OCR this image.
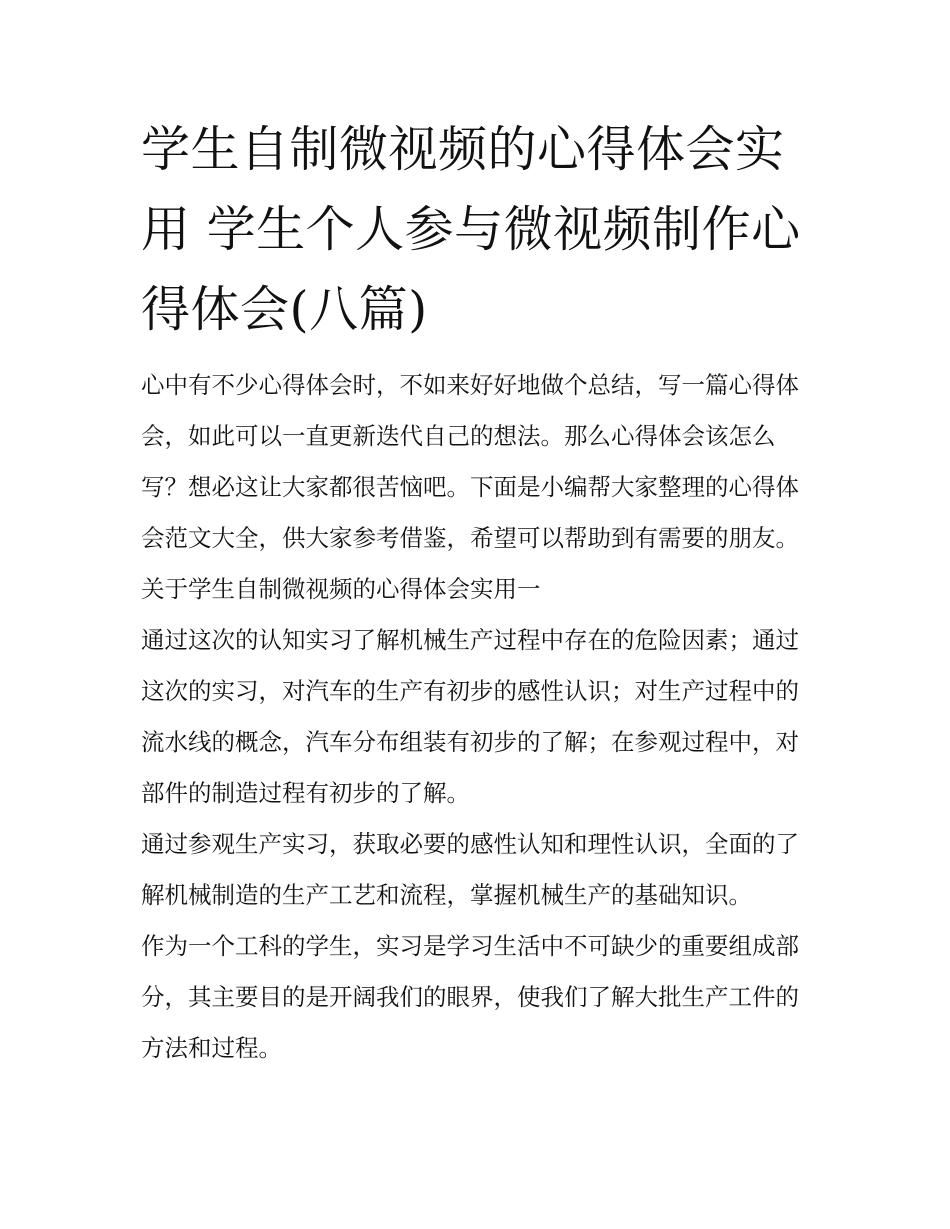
学生自制微视频的心得体会实用 学生个人参与微视频制作心得体会(八篇)

心中有不少心得体会时，不如来好好地做个总结，写一篇心得体会，如此可以一直更新迭代自己的想法。那么心得体会该怎么写？想必这让大家都很苦恼吧。下面是小编帮大家整理的心得体会范文大全，供大家参考借鉴，希望可以帮助到有需要的朋友。

关于学生自制微视频的心得体会实用一

通过这次的认知实习了解机械生产过程中存在的危险因素；通过这次的实习，对汽车的生产有初步的感性认识；对生产过程中的流水线的概念，汽车分布组装有初步的了解；在参观过程中，对部件的制造过程有初步的了解。

通过参观生产实习，获取必要的感性认知和理性认识，全面的了解机械制造的生产工艺和流程，掌握机械生产的基础知识。

作为一个工科的学生，实习是学习生活中不可缺少的重要组成部分，其主要目的是开阔我们的眼界，使我们了解大批生产工件的方法和过程。
